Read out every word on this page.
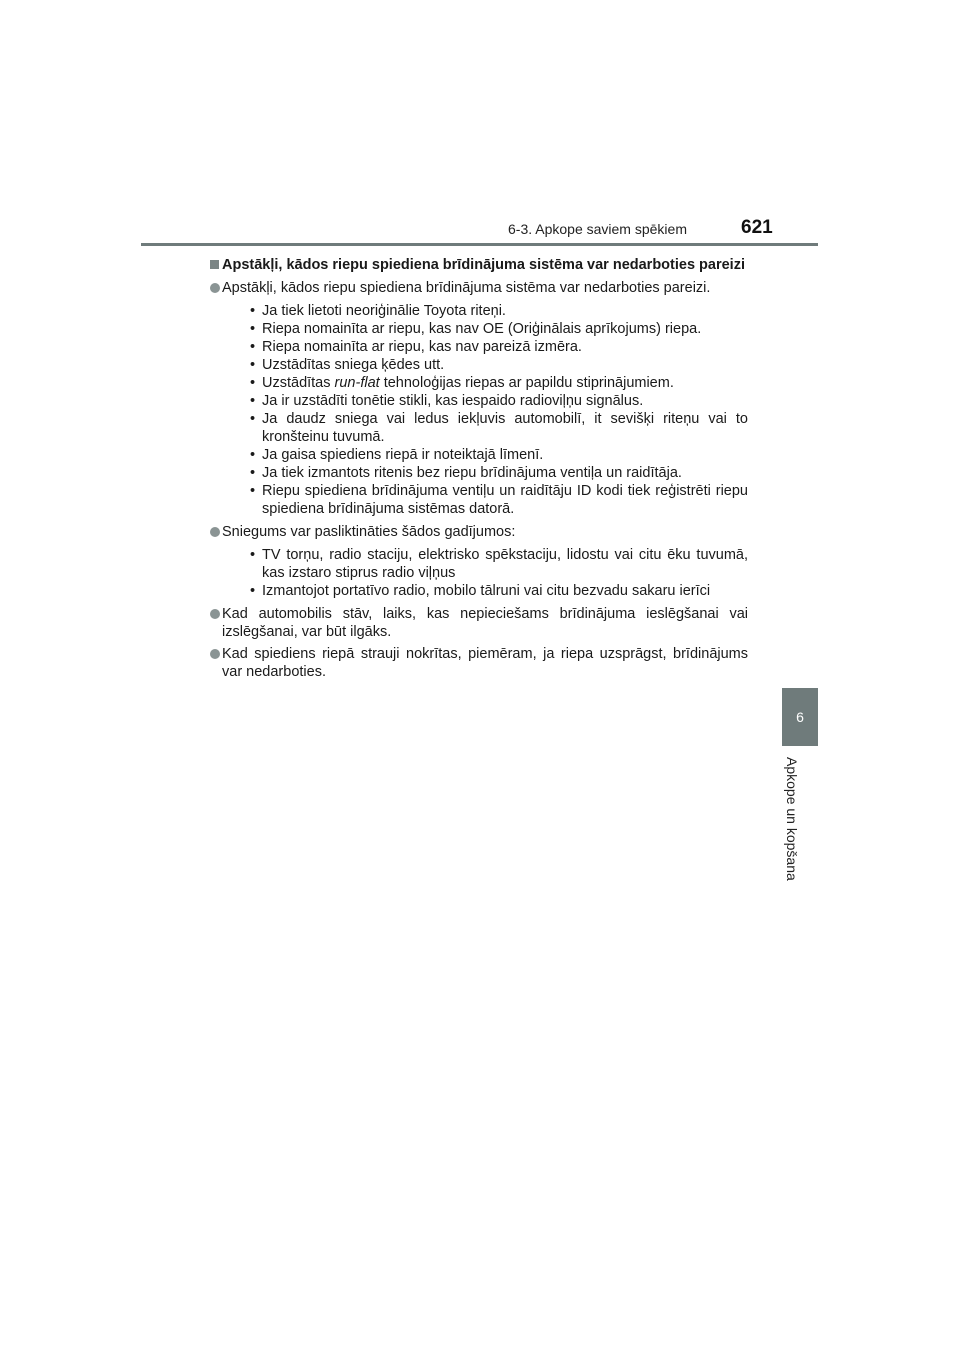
6-3. Apkope saviem spēkiem	621
6
Apkope un kopšana
Apstākļi, kādos riepu spiediena brīdinājuma sistēma var nedarboties pareizi
Apstākļi, kādos riepu spiediena brīdinājuma sistēma var nedarboties pareizi.
• Ja tiek lietoti neoriģinālie Toyota riteņi.
• Riepa nomainīta ar riepu, kas nav OE (Oriģinālais aprīkojums) riepa.
• Riepa nomainīta ar riepu, kas nav pareizā izmēra.
• Uzstādītas sniega ķēdes utt.
• Uzstādītas run-flat tehnoloģijas riepas ar papildu stiprinājumiem.
• Ja ir uzstādīti tonētie stikli, kas iespaido radioviļņu signālus.
• Ja daudz sniega vai ledus iekļuvis automobilī, it sevišķi riteņu vai to kronšteinu tuvumā.
• Ja gaisa spiediens riepā ir noteiktajā līmenī.
• Ja tiek izmantots ritenis bez riepu brīdinājuma ventiļa un raidītāja.
• Riepu spiediena brīdinājuma ventiļu un raidītāju ID kodi tiek reģistrēti riepu spiediena brīdinājuma sistēmas datorā.
Sniegums var pasliktināties šādos gadījumos:
• TV torņu, radio staciju, elektrisko spēkstaciju, lidostu vai citu ēku tuvumā, kas izstaro stiprus radio viļņus
• Izmantojot portatīvo radio, mobilo tālruni vai citu bezvadu sakaru ierīci
Kad automobilis stāv, laiks, kas nepieciešams brīdinājuma ieslēgšanai vai izslēgšanai, var būt ilgāks.
Kad spiediens riepā strauji nokrītas, piemēram, ja riepa uzsprāgst, brīdinājums var nedarboties.
